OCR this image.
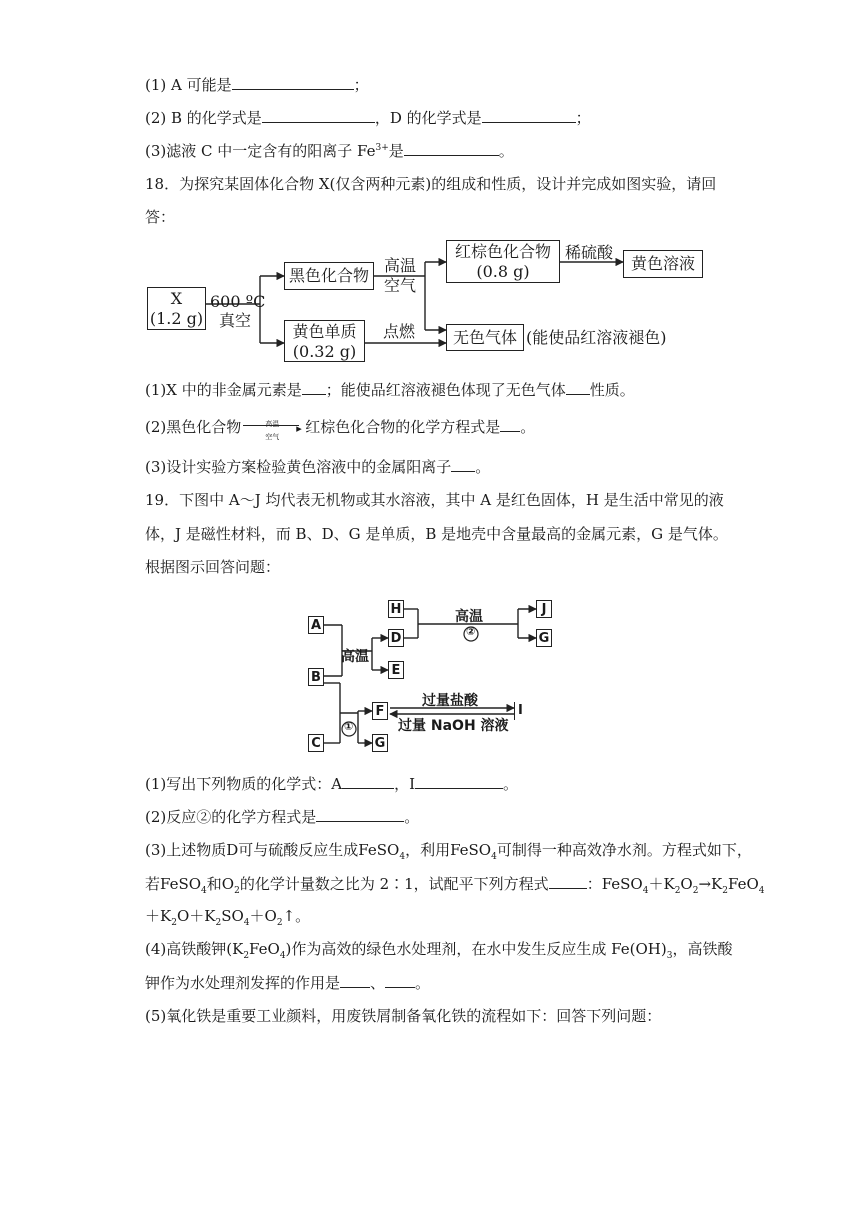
(1) A 可能是	；
(2) B 的化学式是	，D 的化学式是	；
(3)滤液 C 中一定含有的阳离子 $Fe^{3+}$是	。
18．为探究某固体化合物 X(仅含两种元素)的组成和性质，设计并完成如图实验，请回
答：
X
(1.2 g)
600 ºC
真空
黑色化合物
黄色单质
(0.32 g)
高温
空气
红棕色化合物
(0.8 g)
稀硫酸
黄色溶液
点燃	无色气体 (能使品红溶液褪色)
(1)X 中的非金属元素是 ；能使品红溶液褪色体现了无色气体 性质。
(2)黑色化合物	高温 ▸
空气
红棕色化合物的化学方程式是 。
(3)设计实验方案检验黄色溶液中的金属阳离子 。
19．下图中 A～J 均代表无机物或其水溶液，其中 A 是红色固体，H 是生活中常见的液
体，J 是磁性材料，而 B、D、G 是单质，B 是地壳中含量最高的金属元素，G 是气体。
根据图示回答问题：
A
B
C
H
D
E
J
G
F
G
I
高温
高温
②
①
过量盐酸
过量 NaOH 溶液
(1)写出下列物质的化学式：A	，I	。
(2)反应②的化学方程式是	。
(3)上述物质D可与硫酸反应生成FeSO$_4$，利用FeSO$_4$可制得一种高效净水剂。方程式如下，
若FeSO$_4$和$O_2$的化学计量数之比为 2∶1，试配平下列方程式	：$FeSO_4+K_2O_2\to K_2FeO_4$
$+K_2O+K_2SO_4+O_2↑$。
(4)高铁酸钾$(K_2FeO_4)$作为高效的绿色水处理剂，在水中发生反应生成 $Fe(OH)_3$，高铁酸
钾作为水处理剂发挥的作用是 、 。
(5)氧化铁是重要工业颜料，用废铁屑制备氧化铁的流程如下：回答下列问题：
